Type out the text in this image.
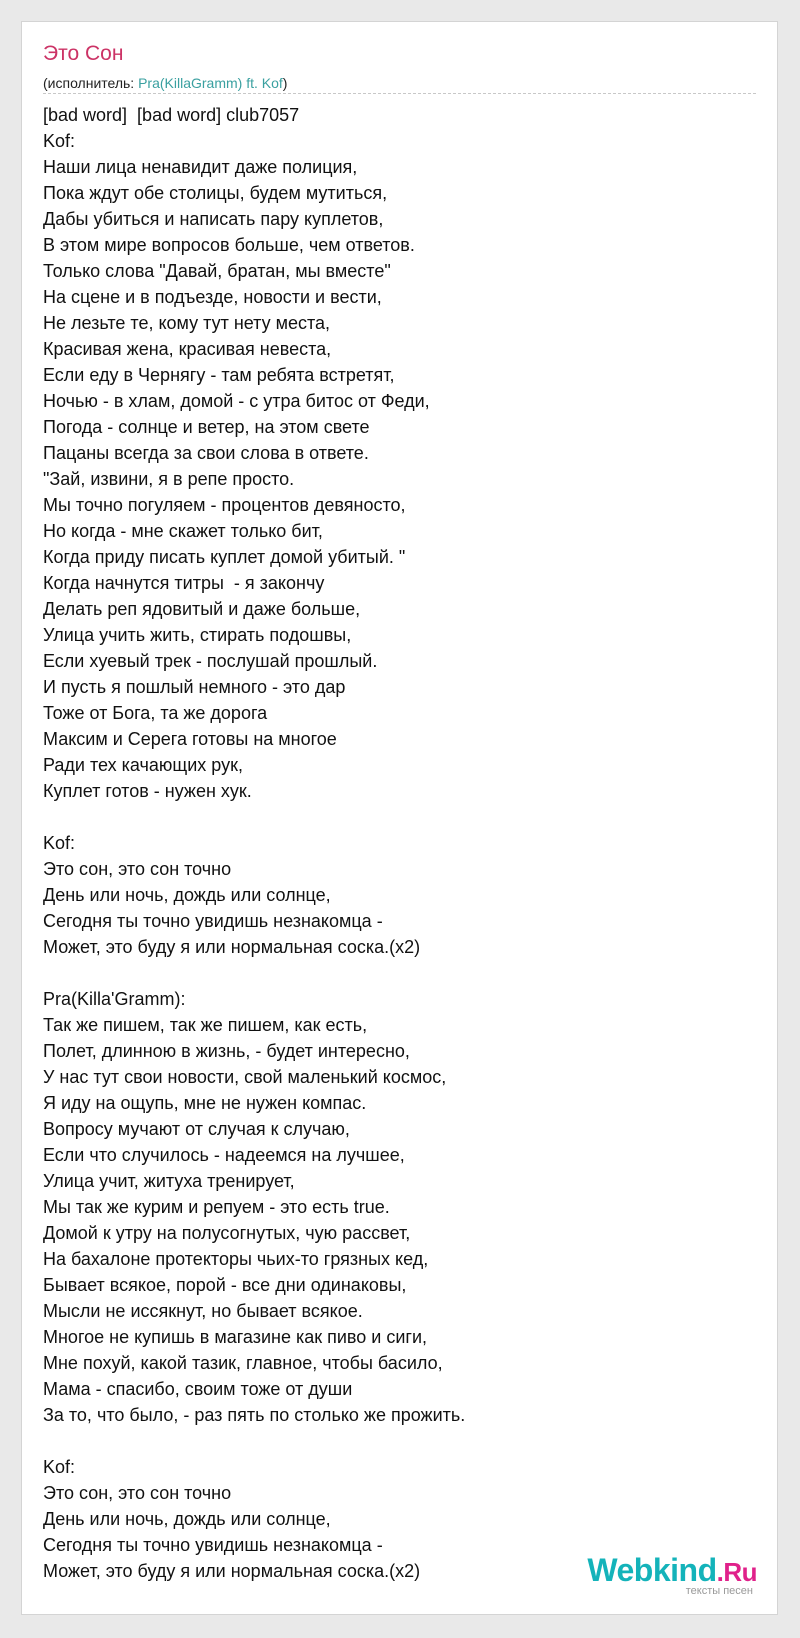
Это Сон
(исполнитель: Pra(KillaGramm) ft. Kof)
[bad word]  [bad word] club7057
Kof:
Наши лица ненавидит даже полиция,
Пока ждут обе столицы, будем мутиться,
Дабы убиться и написать пару куплетов,
В этом мире вопросов больше, чем ответов.
Только слова "Давай, братан, мы вместе"
На сцене и в подъезде, новости и вести,
Не лезьте те, кому тут нету места,
Красивая жена, красивая невеста,
Если еду в Чернягу - там ребята встретят,
Ночью - в хлам, домой - с утра битос от Феди,
Погода - солнце и ветер, на этом свете
Пацаны всегда за свои слова в ответе.
"Зай, извини, я в репе просто.
Мы точно погуляем - процентов девяносто,
Но когда - мне скажет только бит,
Когда приду писать куплет домой убитый. "
Когда начнутся титры  - я закончу
Делать реп ядовитый и даже больше,
Улица учить жить, стирать подошвы,
Если хуевый трек - послушай прошлый.
И пусть я пошлый немного - это дар
Тоже от Бога, та же дорога
Максим и Серега готовы на многое
Ради тех качающих рук,
Куплет готов - нужен хук.
Kof:
Это сон, это сон точно
День или ночь, дождь или солнце,
Сегодня ты точно увидишь незнакомца -
Может, это буду я или нормальная соска.(x2)
Pra(Killa'Gramm):
Так же пишем, так же пишем, как есть,
Полет, длинною в жизнь, - будет интересно,
У нас тут свои новости, свой маленький космос,
Я иду на ощупь, мне не нужен компас.
Вопросу мучают от случая к случаю,
Если что случилось - надеемся на лучшее,
Улица учит, житуха тренирует,
Мы так же курим и репуем - это есть true.
Домой к утру на полусогнутых, чую рассвет,
На бахалоне протекторы чьих-то грязных кед,
Бывает всякое, порой - все дни одинаковы,
Мысли не иссякнут, но бывает всякое.
Многое не купишь в магазине как пиво и сиги,
Мне похуй, какой тазик, главное, чтобы басило,
Мама - спасибо, своим тоже от души
За то, что было, - раз пять по столько же прожить.
Kof:
Это сон, это сон точно
День или ночь, дождь или солнце,
Сегодня ты точно увидишь незнакомца -
Может, это буду я или нормальная соска.(x2)	Webkind.Ru
тексты песен
